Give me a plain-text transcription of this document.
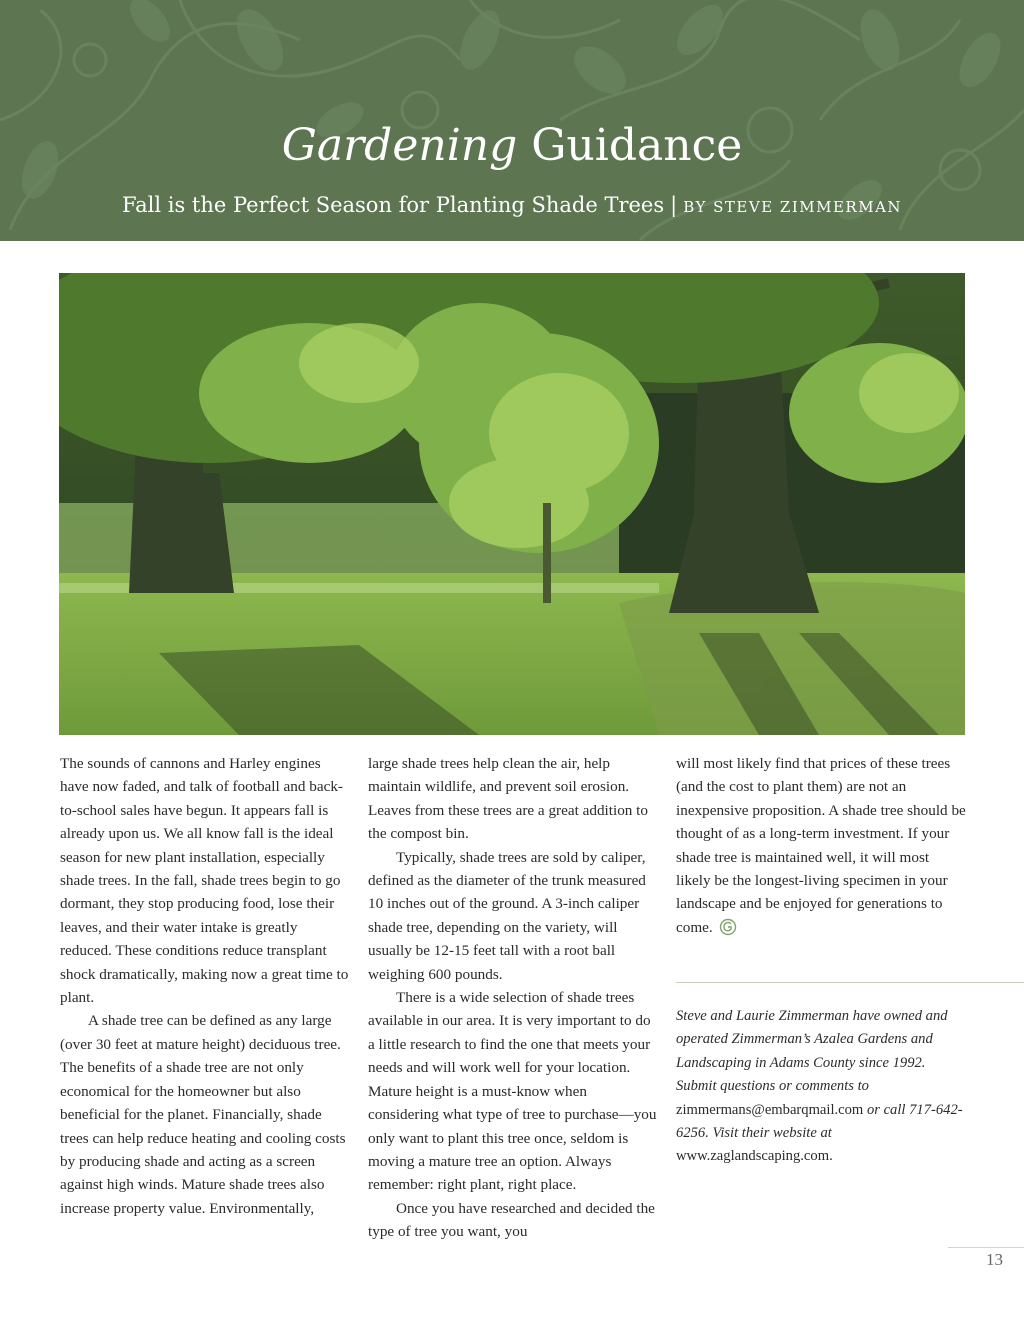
Gardening Guidance
Fall is the Perfect Season for Planting Shade Trees | BY STEVE ZIMMERMAN

The sounds of cannons and Harley engines have now faded, and talk of football and back-to-school sales have begun. It appears fall is already upon us. We all know fall is the ideal season for new plant installation, especially shade trees. In the fall, shade trees begin to go dormant, they stop producing food, lose their leaves, and their water intake is greatly reduced. These conditions reduce transplant shock dramatically, making now a great time to plant.

A shade tree can be defined as any large (over 30 feet at mature height) deciduous tree. The benefits of a shade tree are not only economical for the homeowner but also beneficial for the planet. Financially, shade trees can help reduce heating and cooling costs by producing shade and acting as a screen against high winds. Mature shade trees also increase property value. Environmentally,

large shade trees help clean the air, help maintain wildlife, and prevent soil erosion. Leaves from these trees are a great addition to the compost bin.

Typically, shade trees are sold by caliper, defined as the diameter of the trunk measured 10 inches out of the ground. A 3-inch caliper shade tree, depending on the variety, will usually be 12-15 feet tall with a root ball weighing 600 pounds.

There is a wide selection of shade trees available in our area. It is very important to do a little research to find the one that meets your needs and will work well for your location. Mature height is a must-know when considering what type of tree to purchase—you only want to plant this tree once, seldom is moving a mature tree an option. Always remember: right plant, right place.

Once you have researched and decided the type of tree you want, you

will most likely find that prices of these trees (and the cost to plant them) are not an inexpensive proposition. A shade tree should be thought of as a long-term investment. If your shade tree is maintained well, it will most likely be the longest-living specimen in your landscape and be enjoyed for generations to come.

Steve and Laurie Zimmerman have owned and operated Zimmerman’s Azalea Gardens and Landscaping in Adams County since 1992. Submit questions or comments to zimmermans@embarqmail.com or call 717-642-6256. Visit their website at www.zaglandscaping.com.
13
